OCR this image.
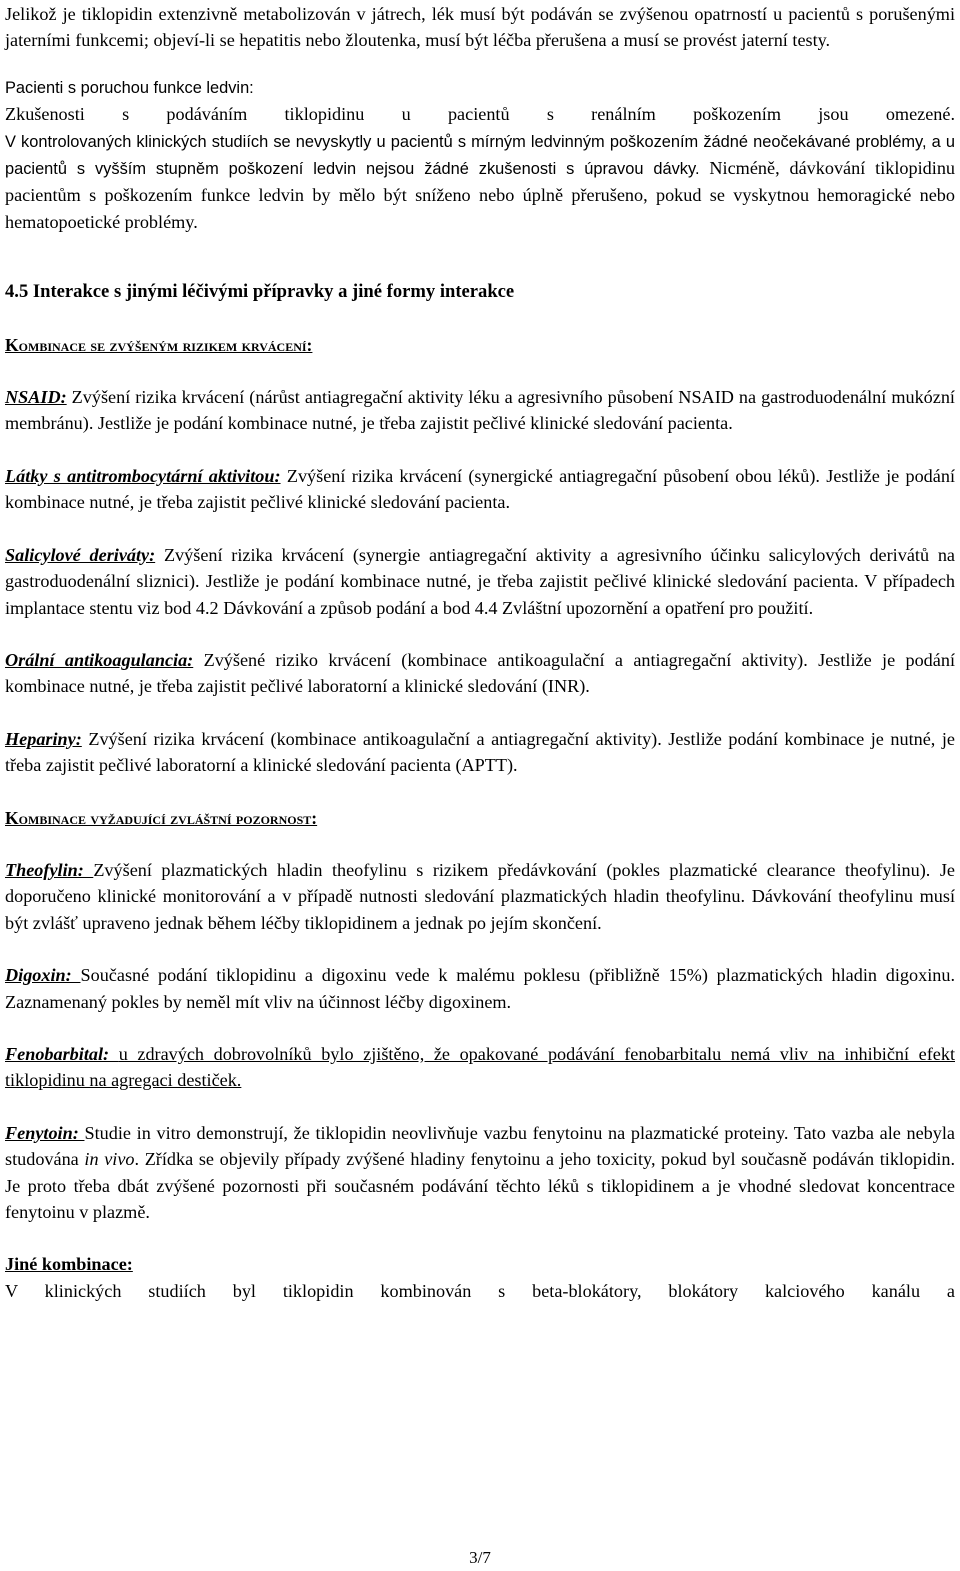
Jelikož je tiklopidin extenzivně metabolizován v játrech, lék musí být podáván se zvýšenou opatrností u pacientů s porušenými jaterními funkcemi; objeví-li se hepatitis nebo žloutenka, musí být léčba přerušena a musí se provést jaterní testy.

Pacienti s poruchou funkce ledvin:

Zkušenosti s podáváním tiklopidinu u pacientů s renálním poškozením jsou omezené.

V kontrolovaných klinických studiích se nevyskytly u pacientů s mírným ledvinným poškozením žádné neočekávané problémy, a u pacientů s vyšším stupněm poškození ledvin nejsou žádné zkušenosti s úpravou dávky. Nicméně, dávkování tiklopidinu pacientům s poškozením funkce ledvin by mělo být sníženo nebo úplně přerušeno, pokud se vyskytnou hemoragické nebo hematopoetické problémy.

4.5 Interakce s jinými léčivými přípravky a jiné formy interakce

Kombinace se zvýšeným rizikem krvácení:

NSAID: Zvýšení rizika krvácení (nárůst antiagregační aktivity léku a agresivního působení NSAID na gastroduodenální mukózní membránu). Jestliže je podání kombinace nutné, je třeba zajistit pečlivé klinické sledování pacienta.

Látky s antitrombocytární aktivitou: Zvýšení rizika krvácení (synergické antiagregační působení obou léků). Jestliže je podání kombinace nutné, je třeba zajistit pečlivé klinické sledování pacienta.

Salicylové deriváty: Zvýšení rizika krvácení (synergie antiagregační aktivity a agresivního účinku salicylových derivátů na gastroduodenální sliznici). Jestliže je podání kombinace nutné, je třeba zajistit pečlivé klinické sledování pacienta. V případech implantace stentu viz bod 4.2 Dávkování a způsob podání a bod 4.4 Zvláštní upozornění a opatření pro použití.

Orální antikoagulancia: Zvýšené riziko krvácení (kombinace antikoagulační a antiagregační aktivity). Jestliže je podání kombinace nutné, je třeba zajistit pečlivé laboratorní a klinické sledování (INR).

Hepariny: Zvýšení rizika krvácení (kombinace antikoagulační a antiagregační aktivity). Jestliže podání kombinace je nutné, je třeba zajistit pečlivé laboratorní a klinické sledování pacienta (APTT).

Kombinace vyžadující zvláštní pozornost:

Theofylin: Zvýšení plazmatických hladin theofylinu s rizikem předávkování (pokles plazmatické clearance theofylinu). Je doporučeno klinické monitorování a v případě nutnosti sledování plazmatických hladin theofylinu. Dávkování theofylinu musí být zvlášť upraveno jednak během léčby tiklopidinem a jednak po jejím skončení.

Digoxin: Současné podání tiklopidinu a digoxinu vede k malému poklesu (přibližně 15%) plazmatických hladin digoxinu. Zaznamenaný pokles by neměl mít vliv na účinnost léčby digoxinem.

Fenobarbital: u zdravých dobrovolníků bylo zjištěno, že opakované podávání fenobarbitalu nemá vliv na inhibiční efekt tiklopidinu na agregaci destiček.

Fenytoin: Studie in vitro demonstrují, že tiklopidin neovlivňuje vazbu fenytoinu na plazmatické proteiny. Tato vazba ale nebyla studována in vivo. Zřídka se objevily případy zvýšené hladiny fenytoinu a jeho toxicity, pokud byl současně podáván tiklopidin. Je proto třeba dbát zvýšené pozornosti při současném podávání těchto léků s tiklopidinem a je vhodné sledovat koncentrace fenytoinu v plazmě.

Jiné kombinace:

V klinických studiích byl tiklopidin kombinován s beta-blokátory, blokátory kalciového kanálu a

3/7
